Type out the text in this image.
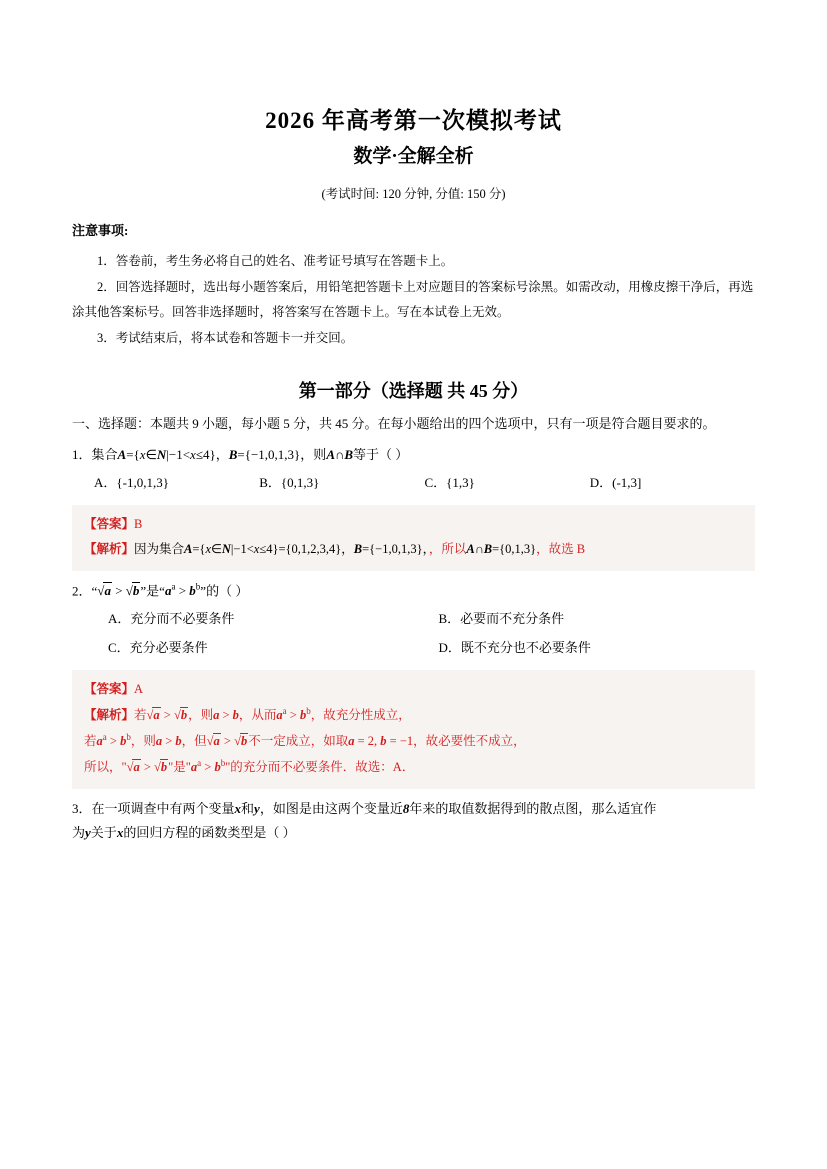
2026 年高考第一次模拟考试
数学·全解全析
(考试时间: 120 分钟, 分值: 150 分)
注意事项:
1．答卷前，考生务必将自己的姓名、准考证号填写在答题卡上。
2．回答选择题时，选出每小题答案后，用铅笔把答题卡上对应题目的答案标号涂黑。如需改动，用橡皮擦干净后，再选涂其他答案标号。回答非选择题时，将答案写在答题卡上。写在本试卷上无效。
3．考试结束后，将本试卷和答题卡一并交回。
第一部分（选择题 共 45 分）
一、选择题：本题共 9 小题，每小题 5 分，共 45 分。在每小题给出的四个选项中，只有一项是符合题目要求的。
1．集合A={x∈N|−1<x≤4}，B={−1,0,1,3}，则A∩B等于（ ）
A．{-1,0,1,3}	B．{0,1,3}	C．{1,3}	D．(-1,3]

【答案】B

【解析】因为集合A={x∈N|−1<x≤4}={0,1,2,3,4}，B={−1,0,1,3}，，所以A∩B={0,1,3}，故选 B

2．“√a > √b”是“$a^a > b^b$”的（ ）
A．充分而不必要条件	B．必要而不充分条件
C．充分必要条件	D．既不充分也不必要条件

【答案】A

【解析】若√a > √b，则a > b，从而$a^a > b^b$，故充分性成立，

若$a^a > b^b$，则a > b，但√a > √b不一定成立，如取a = 2, b = −1，故必要性不成立，

所以，"√a > √b"是"$a^a > b^b$"的充分而不必要条件．故选：A．

3．在一项调查中有两个变量x和y，如图是由这两个变量近8年来的取值数据得到的散点图，那么适宜作
为y关于x的回归方程的函数类型是（ ）
